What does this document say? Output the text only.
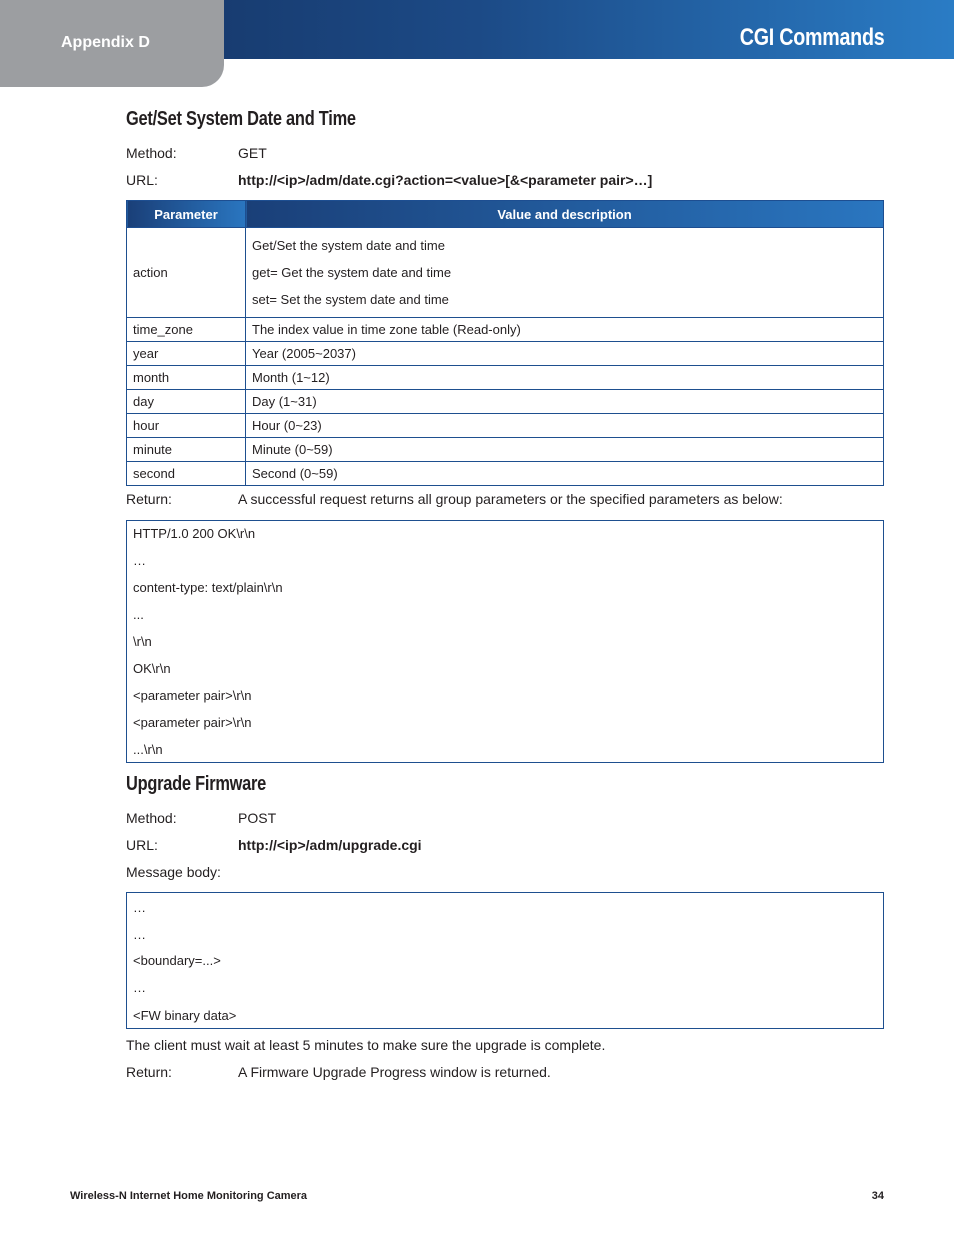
Appendix D	CGI Commands
Get/Set System Date and Time
Method:	GET
URL:	http://<ip>/adm/date.cgi?action=<value>[&<parameter pair>…]
Parameter	Value and description
action	Get/Set the system date and time
get= Get the system date and time
set= Set the system date and time

time_zone	The index value in time zone table (Read-only)
year	Year (2005~2037)
month	Month (1~12)
day	Day (1~31)
hour	Hour (0~23)
minute	Minute (0~59)
second	Second (0~59)
Return:	A successful request returns all group parameters or the specified parameters as below:
HTTP/1.0 200 OK\r\n
…
content-type: text/plain\r\n
...
\r\n
OK\r\n
<parameter pair>\r\n
<parameter pair>\r\n
...\r\n
Upgrade Firmware
Method:	POST
URL:	http://<ip>/adm/upgrade.cgi
Message body:
…
…
<boundary=...>
…
<FW binary data>
The client must wait at least 5 minutes to make sure the upgrade is complete.
Return:	A Firmware Upgrade Progress window is returned.
Wireless-N Internet Home Monitoring Camera	34
